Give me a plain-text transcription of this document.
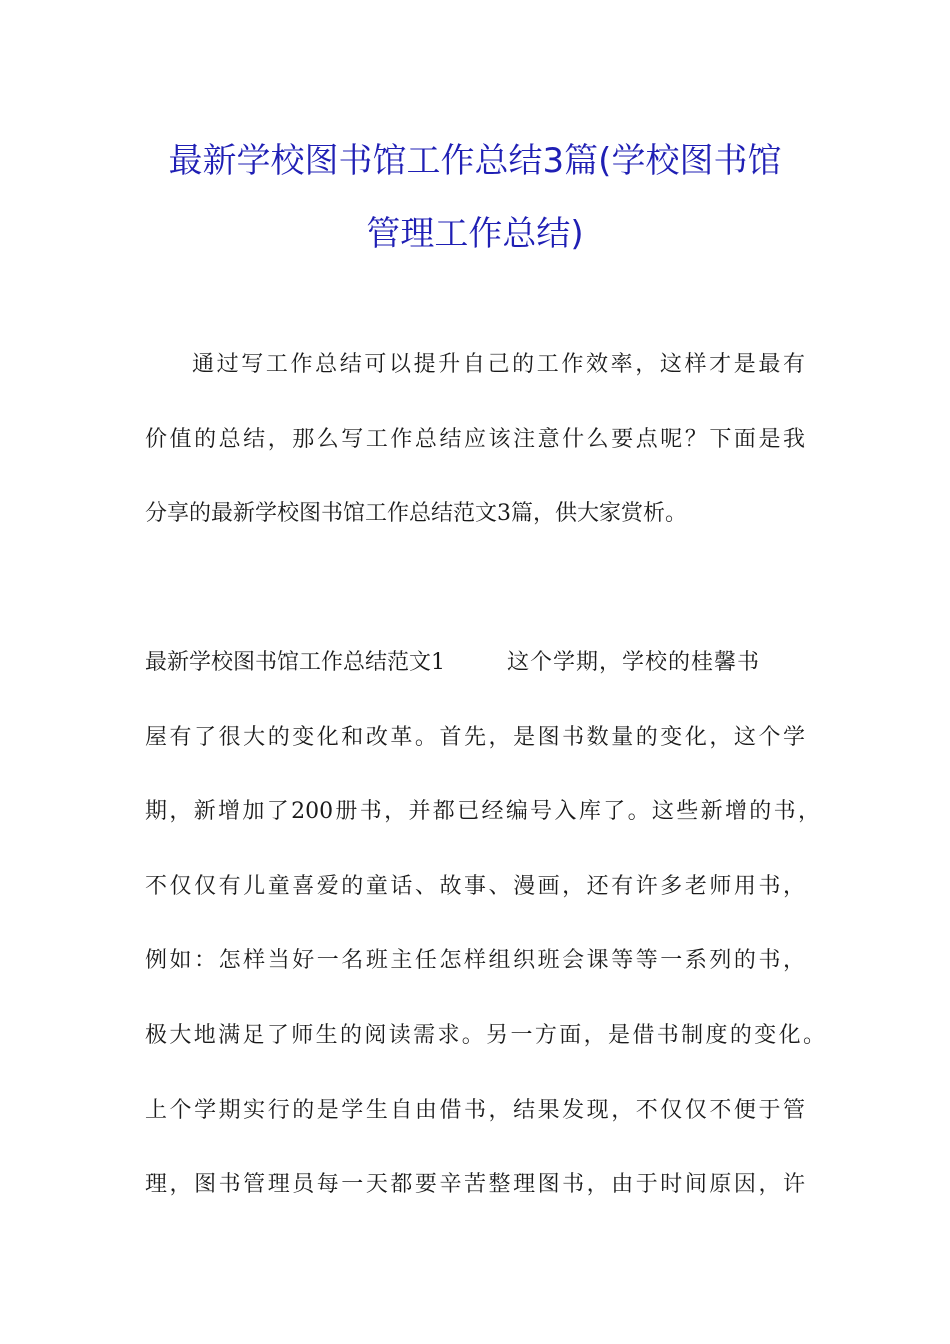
最新学校图书馆工作总结3篇(学校图书馆
管理工作总结)
通过写工作总结可以提升自己的工作效率，这样才是最有
价值的总结，那么写工作总结应该注意什么要点呢？下面是我
分享的最新学校图书馆工作总结范文3篇，供大家赏析。
最新学校图书馆工作总结范文1	这个学期，学校的桂馨书
屋有了很大的变化和改革。首先，是图书数量的变化，这个学
期，新增加了200册书，并都已经编号入库了。这些新增的书，
不仅仅有儿童喜爱的童话、故事、漫画，还有许多老师用书，
例如：怎样当好一名班主任怎样组织班会课等等一系列的书，
极大地满足了师生的阅读需求。另一方面，是借书制度的变化。
上个学期实行的是学生自由借书，结果发现，不仅仅不便于管
理，图书管理员每一天都要辛苦整理图书，由于时间原因，许
